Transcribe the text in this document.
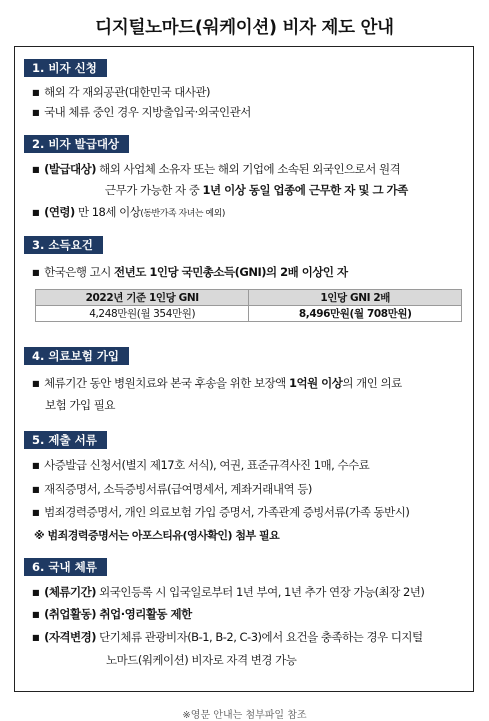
디지털노마드(워케이션) 비자 제도 안내
1. 비자 신청
■ 해외 각 재외공관(대한민국 대사관)
■ 국내 체류 중인 경우 지방출입국·외국인관서
2. 비자 발급대상
■ (발급대상) 해외 사업체 소유자 또는 해외 기업에 소속된 외국인으로서 원격
근무가 가능한 자 중 1년 이상 동일 업종에 근무한 자 및 그 가족
■ (연령) 만 18세 이상(동반가족 자녀는 예외)
3. 소득요건
■ 한국은행 고시 전년도 1인당 국민총소득(GNI)의 2배 이상인 자
2022년 기준 1인당 GNI	1인당 GNI 2배
4,248만원(월 354만원)	8,496만원(월 708만원)
4. 의료보험 가입
■ 체류기간 동안 병원치료와 본국 후송을 위한 보장액 1억원 이상의 개인 의료
보험 가입 필요
5. 제출 서류
■ 사증발급 신청서(별지 제17호 서식), 여권, 표준규격사진 1매, 수수료
■ 재직증명서, 소득증빙서류(급여명세서, 계좌거래내역 등)
■ 범죄경력증명서, 개인 의료보험 가입 증명서, 가족관계 증빙서류(가족 동반시)
※ 범죄경력증명서는 아포스티유(영사확인) 첨부 필요
6. 국내 체류
■ (체류기간) 외국인등록 시 입국일로부터 1년 부여, 1년 추가 연장 가능(최장 2년)
■ (취업활동) 취업·영리활동 제한
■ (자격변경) 단기체류 관광비자(B-1, B-2, C-3)에서 요건을 충족하는 경우 디지털
노마드(워케이션) 비자로 자격 변경 가능
※영문 안내는 첨부파일 참조
